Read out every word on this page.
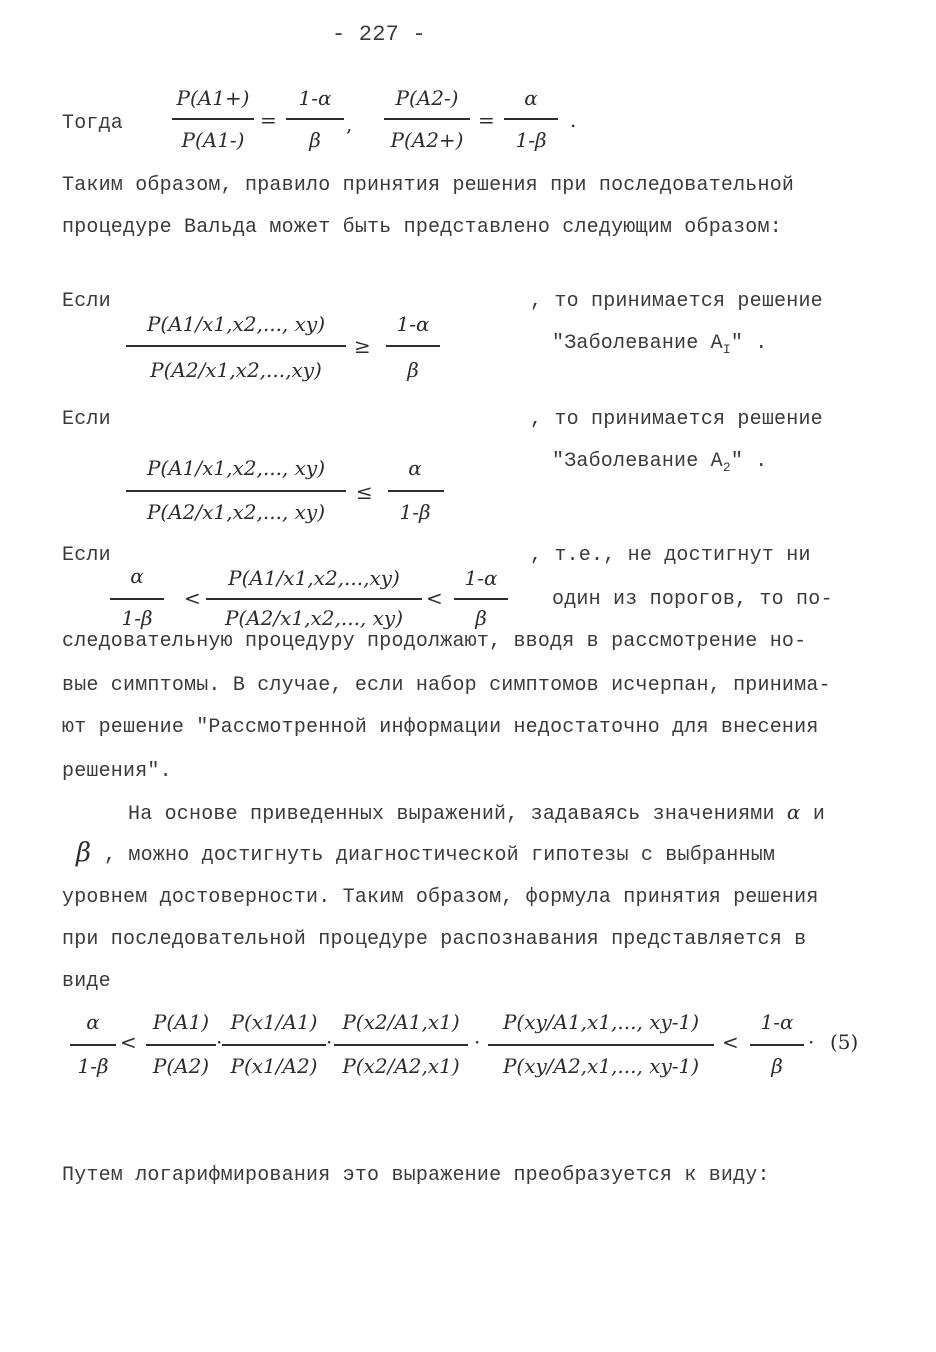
- 227 -
Тогда
P(A1+)
P(A1-)
=
1-α
β
,
P(A2-)
P(A2+)
=
α
1-β
.
Таким образом, правило принятия решения при последовательной
процедуре Вальда может быть представлено следующим образом:
Если
P(A1/x1,x2,..., xy)
P(A2/x1,x2,...,xy)
≥
1-α
β
, то принимается решение
"Заболевание $A_I$" .
Если
P(A1/x1,x2,..., xy)
P(A2/x1,x2,..., xy)
≤
α
1-β
, то принимается решение
"Заболевание $A_2$" .
Если
α
1-β
<
P(A1/x1,x2,...,xy)
P(A2/x1,x2,..., xy)
<
1-α
β
, т.е., не достигнут ни
один из порогов, то по-
следовательную процедуру продолжают, вводя в рассмотрение но-
вые симптомы. В случае, если набор симптомов исчерпан, принима-
ют решение "Рассмотренной информации недостаточно для внесения
решения".
На основе приведенных выражений, задаваясь значениями α и
β , можно достигнуть диагностической гипотезы с выбранным
уровнем достоверности. Таким образом, формула принятия решения
при последовательной процедуре распознавания представляется в
виде
α
1-β
<
P(A1)
P(A2)
·
P(x1/A1)
P(x1/A2)
·
P(x2/A1,x1)
P(x2/A2,x1)
·
P(xy/A1,x1,..., xy-1)
P(xy/A2,x1,..., xy-1)
<
1-α
β
· (5)
Путем логарифмирования это выражение преобразуется к виду:
